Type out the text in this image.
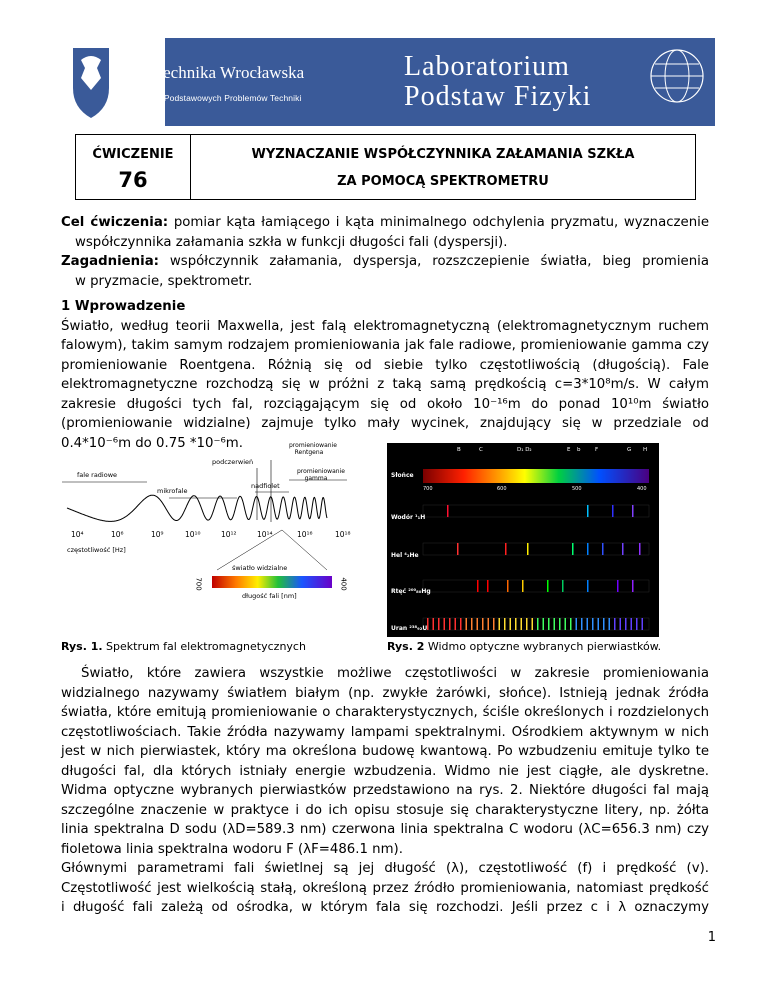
Politechnika Wrocławska
Wydział Podstawowych Problemów Techniki
Laboratorium
Podstaw Fizyki
ĆWICZENIE
76
WYZNACZANIE WSPÓŁCZYNNIKA ZAŁAMANIA SZKŁA
ZA POMOCĄ SPEKTROMETRU
Cel ćwiczenia: pomiar kąta łamiącego i kąta minimalnego odchylenia pryzmatu, wyznaczenie
współczynnika załamania szkła w funkcji długości fali (dyspersji).
Zagadnienia: współczynnik załamania, dyspersja, rozszczepienie światła, bieg promienia
w pryzmacie, spektrometr.
1 Wprowadzenie
Światło, według teorii Maxwella, jest falą elektromagnetyczną (elektromagnetycznym ruchem
falowym), takim samym rodzajem promieniowania jak fale radiowe, promieniowanie gamma czy
promieniowanie Roentgena. Różnią się od siebie tylko częstotliwością (długością). Fale
elektromagnetyczne rozchodzą się w próżni z taką samą prędkością c=3*10⁸m/s. W całym
zakresie długości tych fal, rozciągającym się od około 10⁻¹⁶m do ponad 10¹⁰m światło
(promieniowanie widzialne) zajmuje tylko mały wycinek, znajdujący się w przedziale od
0.4*10⁻⁶m do 0.75 *10⁻⁶m.
fale radiowe
mikrofale
podczerwień
nadfiolet
promieniowanie Rentgena
promieniowanie gamma
10⁴	10⁶	10⁹	10¹⁰	10¹²	10¹⁴	10¹⁶	10¹⁸
częstotliwość [Hz]
światło widzialne
długość fali [nm]
700	400
Rys. 1. Spektrum fal elektromagnetycznych
Słońce
Wodór ¹₁H
Hel ⁴₂He
Rtęć ²⁰⁰₈₀Hg
Uran ²³⁸₉₂U
B	C	D₁ D₂	E b	F	G H
700	600	500	400
Rys. 2 Widmo optyczne wybranych pierwiastków.
Światło, które zawiera wszystkie możliwe częstotliwości w zakresie promieniowania
widzialnego nazywamy światłem białym (np. zwykłe żarówki, słońce). Istnieją jednak źródła
światła, które emitują promieniowanie o charakterystycznych, ściśle określonych i rozdzielonych
częstotliwościach. Takie źródła nazywamy lampami spektralnymi. Ośrodkiem aktywnym w nich
jest w nich pierwiastek, który ma określona budowę kwantową. Po wzbudzeniu emituje tylko te
długości fal, dla których istniały energie wzbudzenia. Widmo nie jest ciągłe, ale dyskretne.
Widma optyczne wybranych pierwiastków przedstawiono na rys. 2. Niektóre długości fal mają
szczególne znaczenie w praktyce i do ich opisu stosuje się charakterystyczne litery, np. żółta
linia spektralna D sodu (λD=589.3 nm) czerwona linia spektralna C wodoru (λC=656.3 nm) czy
fioletowa linia spektralna wodoru F (λF=486.1 nm).
Głównymi parametrami fali świetlnej są jej długość (λ), częstotliwość (f) i prędkość (v).
Częstotliwość jest wielkością stałą, określoną przez źródło promieniowania, natomiast prędkość
i długość fali zależą od ośrodka, w którym fala się rozchodzi. Jeśli przez c i λ oznaczymy
1
